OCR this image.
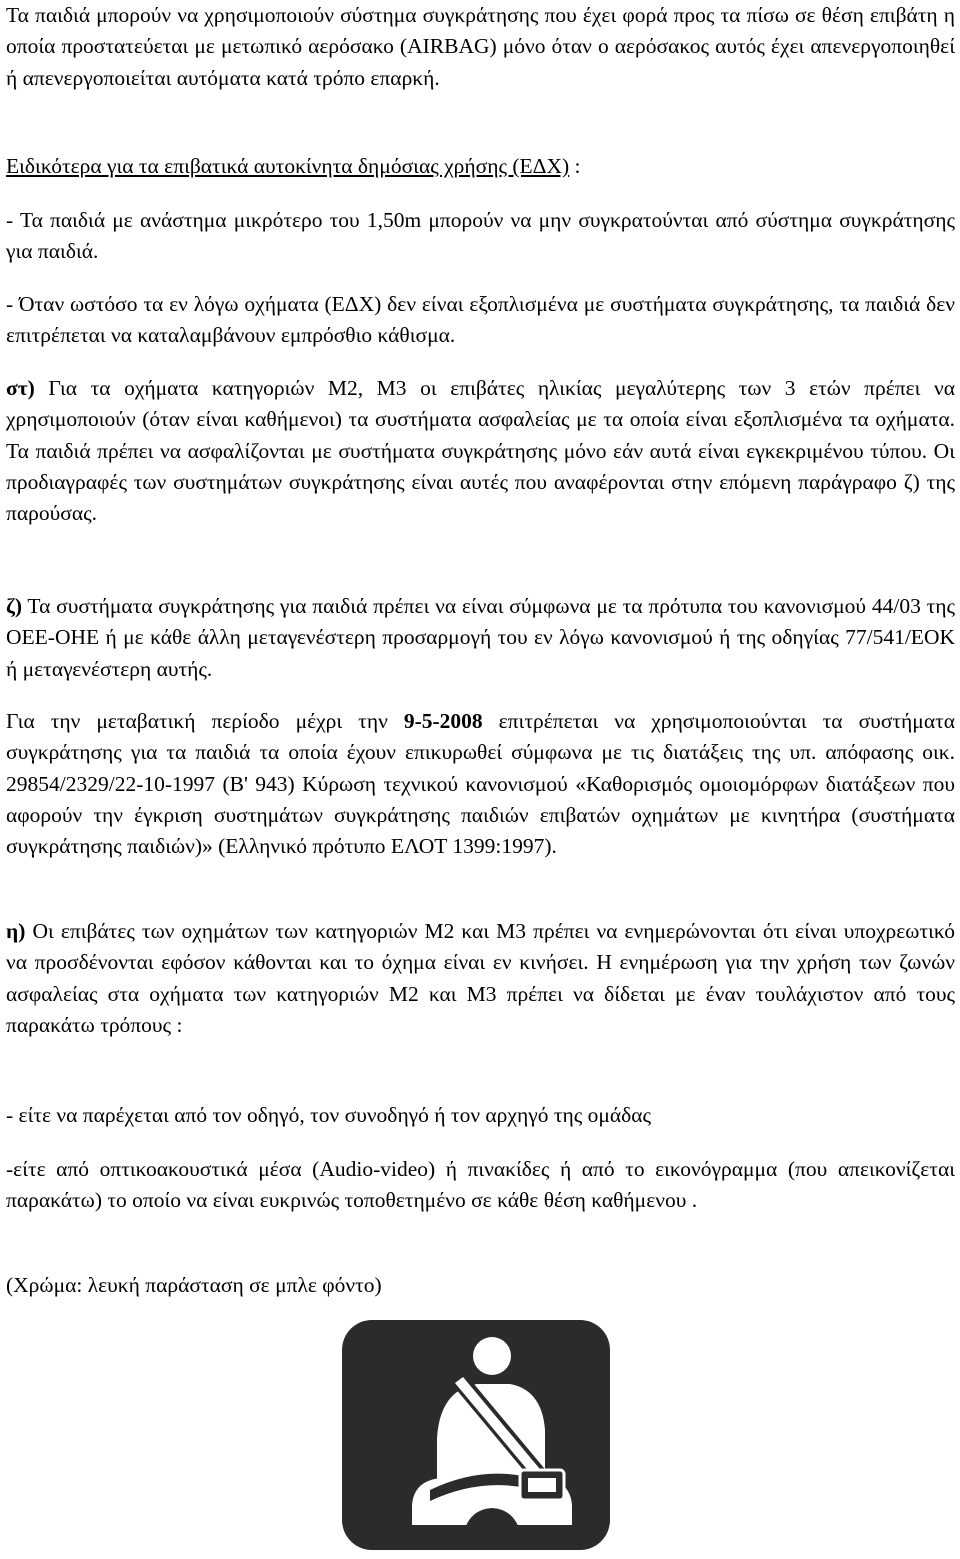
Τα παιδιά μπορούν να χρησιμοποιούν σύστημα συγκράτησης που έχει φορά προς τα πίσω σε θέση επιβάτη η οποία προστατεύεται με μετωπικό αερόσακο (AIRBAG) μόνο όταν ο αερόσακος αυτός έχει απενεργοποιηθεί ή απενεργοποιείται αυτόματα κατά τρόπο επαρκή.

Ειδικότερα για τα επιβατικά αυτοκίνητα δημόσιας χρήσης (ΕΔΧ) :

- Τα παιδιά με ανάστημα μικρότερο του 1,50m μπορούν να μην συγκρατούνται από σύστημα συγκράτησης για παιδιά.

- Όταν ωστόσο τα εν λόγω οχήματα (ΕΔΧ) δεν είναι εξοπλισμένα με συστήματα συγκράτησης, τα παιδιά δεν επιτρέπεται να καταλαμβάνουν εμπρόσθιο κάθισμα.

στ) Για τα οχήματα κατηγοριών Μ2, Μ3 οι επιβάτες ηλικίας μεγαλύτερης των 3 ετών πρέπει να χρησιμοποιούν (όταν είναι καθήμενοι) τα συστήματα ασφαλείας με τα οποία είναι εξοπλισμένα τα οχήματα. Τα παιδιά πρέπει να ασφαλίζονται με συστήματα συγκράτησης μόνο εάν αυτά είναι εγκεκριμένου τύπου. Οι προδιαγραφές των συστημάτων συγκράτησης είναι αυτές που αναφέρονται στην επόμενη παράγραφο ζ) της παρούσας.

ζ) Τα συστήματα συγκράτησης για παιδιά πρέπει να είναι σύμφωνα με τα πρότυπα του κανονισμού 44/03 της ΟΕΕ-ΟΗΕ ή με κάθε άλλη μεταγενέστερη προσαρμογή του εν λόγω κανονισμού ή της οδηγίας 77/541/ΕΟΚ ή μεταγενέστερη αυτής.

Για την μεταβατική περίοδο μέχρι την 9-5-2008 επιτρέπεται να χρησιμοποιούνται τα συστήματα συγκράτησης για τα παιδιά τα οποία έχουν επικυρωθεί σύμφωνα με τις διατάξεις της υπ. απόφασης οικ. 29854/2329/22-10-1997 (Β' 943) Κύρωση τεχνικού κανονισμού «Καθορισμός ομοιομόρφων διατάξεων που αφορούν την έγκριση συστημάτων συγκράτησης παιδιών επιβατών οχημάτων με κινητήρα (συστήματα συγκράτησης παιδιών)» (Ελληνικό πρότυπο ΕΛΟΤ 1399:1997).

η) Οι επιβάτες των οχημάτων των κατηγοριών Μ2 και Μ3 πρέπει να ενημερώνονται ότι είναι υποχρεωτικό να προσδένονται εφόσον κάθονται και το όχημα είναι εν κινήσει. Η ενημέρωση για την χρήση των ζωνών ασφαλείας στα οχήματα των κατηγοριών Μ2 και Μ3 πρέπει να δίδεται με έναν τουλάχιστον από τους παρακάτω τρόπους :

- είτε να παρέχεται από τον οδηγό, τον συνοδηγό ή τον αρχηγό της ομάδας

-είτε από οπτικοακουστικά μέσα (Audio-video) ή πινακίδες ή από το εικονόγραμμα (που απεικονίζεται παρακάτω) το οποίο να είναι ευκρινώς τοποθετημένο σε κάθε θέση καθήμενου .

(Χρώμα: λευκή παράσταση σε μπλε φόντο)
